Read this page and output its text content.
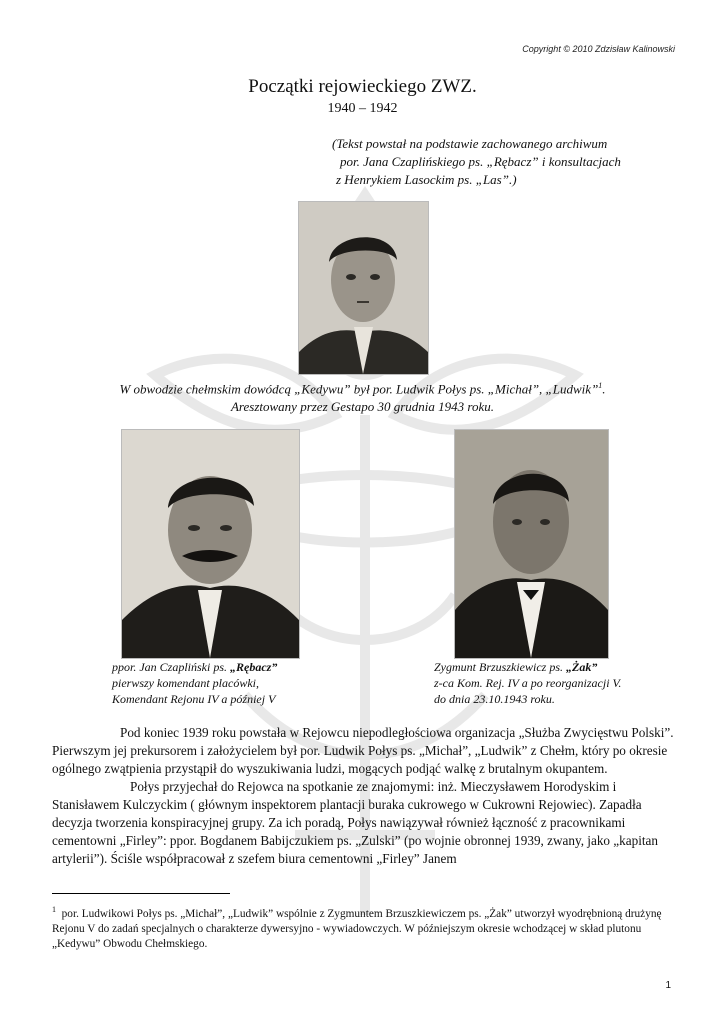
Copyright © 2010 Zdzisław Kalinowski
Początki rejowieckiego ZWZ.
1940 – 1942
(Tekst powstał na podstawie zachowanego archiwum
por. Jana Czaplińskiego ps. „Rębacz” i konsultacjach
z Henrykiem Lasockim ps. „Las”.)
W obwodzie chełmskim dowódcą „Kedywu” był por. Ludwik Połys ps. „Michał”, „Ludwik”$^1$.
Aresztowany przez Gestapo 30 grudnia 1943 roku.
ppor. Jan Czapliński ps. „Rębacz”
pierwszy komendant placówki,
Komendant Rejonu IV a później V
Zygmunt Brzuszkiewicz ps. „Żak”
z-ca Kom. Rej. IV a po reorganizacji V.
do dnia 23.10.1943 roku.

Pod koniec 1939 roku powstała w Rejowcu niepodległościowa organizacja „Służba Zwycięstwu Polski”. Pierwszym jej prekursorem i założycielem był por. Ludwik Połys ps. „Michał”, „Ludwik” z Chełm, który po okresie ogólnego zwątpienia przystąpił do wyszukiwania ludzi, mogących podjąć walkę z brutalnym okupantem.

Połys przyjechał do Rejowca na spotkanie ze znajomymi: inż. Mieczysławem Horodyskim i Stanisławem Kulczyckim ( głównym inspektorem plantacji buraka cukrowego w Cukrowni Rejowiec). Zapadła decyzja tworzenia konspiracyjnej grupy. Za ich poradą, Połys nawiązywał również łączność z pracownikami cementowni „Firley”: ppor. Bogdanem Babijczukiem ps. „Zulski” (po wojnie obronnej 1939, zwany, jako „kapitan artylerii”). Ściśle współpracował z szefem biura cementowni „Firley” Janem

$^1$ por. Ludwikowi Połys ps. „Michał”, „Ludwik” wspólnie z Zygmuntem Brzuszkiewiczem ps. „Żak” utworzył wyodrębnioną drużynę Rejonu V do zadań specjalnych o charakterze dywersyjno - wywiadowczych. W późniejszym okresie wchodzącej w skład plutonu „Kedywu” Obwodu Chełmskiego.
1
